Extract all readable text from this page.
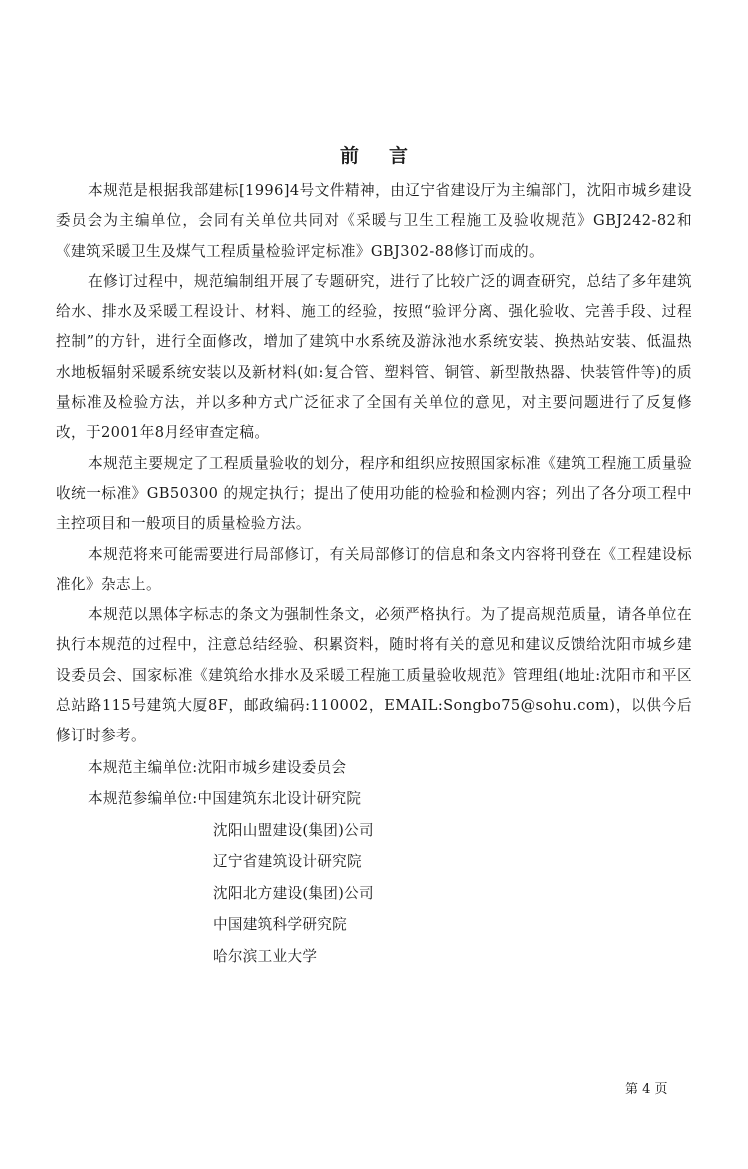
前言

本规范是根据我部建标[1996]4号文件精神，由辽宁省建设厅为主编部门，沈阳市城乡建设委员会为主编单位，会同有关单位共同对《采暖与卫生工程施工及验收规范》GBJ242-82和《建筑采暖卫生及煤气工程质量检验评定标准》GBJ302-88修订而成的。

在修订过程中，规范编制组开展了专题研究，进行了比较广泛的调查研究，总结了多年建筑给水、排水及采暖工程设计、材料、施工的经验，按照“验评分离、强化验收、完善手段、过程控制”的方针，进行全面修改，增加了建筑中水系统及游泳池水系统安装、换热站安装、低温热水地板辐射采暖系统安装以及新材料(如:复合管、塑料管、铜管、新型散热器、快装管件等)的质量标准及检验方法，并以多种方式广泛征求了全国有关单位的意见，对主要问题进行了反复修改，于2001年8月经审查定稿。

本规范主要规定了工程质量验收的划分，程序和组织应按照国家标准《建筑工程施工质量验收统一标准》GB50300 的规定执行；提出了使用功能的检验和检测内容；列出了各分项工程中主控项目和一般项目的质量检验方法。

本规范将来可能需要进行局部修订，有关局部修订的信息和条文内容将刊登在《工程建设标准化》杂志上。

本规范以黑体字标志的条文为强制性条文，必须严格执行。为了提高规范质量，请各单位在执行本规范的过程中，注意总结经验、积累资料，随时将有关的意见和建议反馈给沈阳市城乡建设委员会、国家标准《建筑给水排水及采暖工程施工质量验收规范》管理组(地址:沈阳市和平区总站路115号建筑大厦8F，邮政编码:110002，EMAIL:Songbo75@sohu.com)，以供今后修订时参考。

本规范主编单位:沈阳市城乡建设委员会

本规范参编单位:中国建筑东北设计研究院

沈阳山盟建设(集团)公司
辽宁省建筑设计研究院
沈阳北方建设(集团)公司
中国建筑科学研究院
哈尔滨工业大学
第 4 页
